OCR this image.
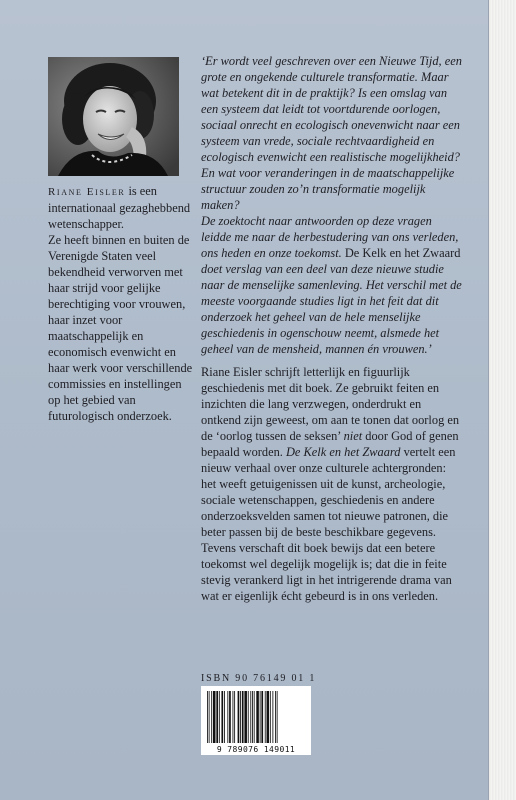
Riane Eisler is een internationaal gezaghebbend wetenschapper.
Ze heeft binnen en buiten de Verenigde Staten veel bekendheid verworven met haar strijd voor gelijke berechtiging voor vrouwen, haar inzet voor maatschappelijk en economisch evenwicht en haar werk voor verschillende commissies en instellingen op het gebied van futurologisch onderzoek.

‘Er wordt veel geschreven over een Nieuwe Tijd, een grote en ongekende culturele transformatie. Maar wat betekent dit in de praktijk? Is een omslag van een systeem dat leidt tot voortdurende oorlogen, sociaal onrecht en ecologisch onevenwicht naar een systeem van vrede, sociale rechtvaardigheid en ecologisch evenwicht een realistische mogelijkheid? En wat voor veranderingen in de maatschappelijke structuur zouden zo’n transformatie mogelijk maken?
De zoektocht naar antwoorden op deze vragen leidde me naar de herbestudering van ons verleden, ons heden en onze toekomst. De Kelk en het Zwaard doet verslag van een deel van deze nieuwe studie naar de menselijke samenleving. Het verschil met de meeste voorgaande studies ligt in het feit dat dit onderzoek het geheel van de hele menselijke geschiedenis in ogenschouw neemt, alsmede het geheel van de mensheid, mannen én vrouwen.’

Riane Eisler schrijft letterlijk en figuurlijk geschiedenis met dit boek. Ze gebruikt feiten en inzichten die lang verzwegen, onderdrukt en ontkend zijn geweest, om aan te tonen dat oorlog en de ‘oorlog tussen de seksen’ niet door God of genen bepaald worden. De Kelk en het Zwaard vertelt een nieuw verhaal over onze culturele achtergronden: het weeft getuigenissen uit de kunst, archeologie, sociale wetenschappen, geschiedenis en andere onderzoeksvelden samen tot nieuwe patronen, die beter passen bij de beste beschikbare gegevens. Tevens verschaft dit boek bewijs dat een betere toekomst wel degelijk mogelijk is; dat die in feite stevig verankerd ligt in het intrigerende drama van wat er eigenlijk écht gebeurd is in ons verleden.

ISBN 90 76149 01 1

9 789076 149011
